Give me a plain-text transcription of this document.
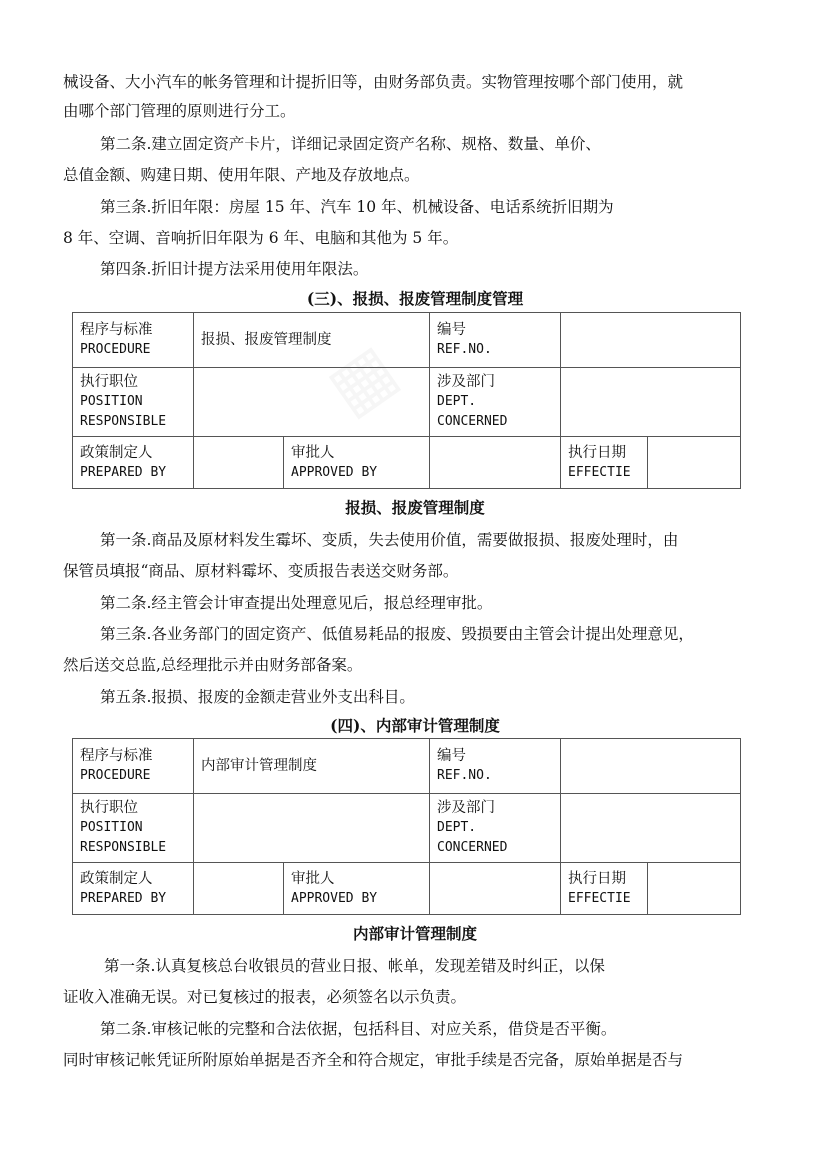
械设备、大小汽车的帐务管理和计提折旧等，由财务部负责。实物管理按哪个部门使用，就

由哪个部门管理的原则进行分工。

第二条.建立固定资产卡片，详细记录固定资产名称、规格、数量、单价、

总值金额、购建日期、使用年限、产地及存放地点。

第三条.折旧年限：房屋 15 年、汽车 10 年、机械设备、电话系统折旧期为

8 年、空调、音响折旧年限为 6 年、电脑和其他为 5 年。

第四条.折旧计提方法采用使用年限法。

(三)、报损、报废管理制度管理

程序与标准
PROCEDURE	报损、报废管理制度		编号
REF.NO.		

执行职位
POSITION
RESPONSIBLE			涉及部门
DEPT.
CONCERNED		

政策制定人
PREPARED BY		审批人
APPROVED BY		执行日期
EFFECTIE	

报损、报废管理制度

第一条.商品及原材料发生霉坏、变质，失去使用价值，需要做报损、报废处理时，由

保管员填报“商品、原材料霉坏、变质报告表送交财务部。

第二条.经主管会计审查提出处理意见后，报总经理审批。

第三条.各业务部门的固定资产、低值易耗品的报废、毁损要由主管会计提出处理意见，

然后送交总监,总经理批示并由财务部备案。

第五条.报损、报废的金额走营业外支出科目。

(四)、内部审计管理制度

程序与标准
PROCEDURE	内部审计管理制度		编号
REF.NO.		

执行职位
POSITION
RESPONSIBLE			涉及部门
DEPT.
CONCERNED		

政策制定人
PREPARED BY		审批人
APPROVED BY		执行日期
EFFECTIE	

内部审计管理制度

第一条.认真复核总台收银员的营业日报、帐单，发现差错及时纠正，以保

证收入准确无误。对已复核过的报表，必须签名以示负责。

第二条.审核记帐的完整和合法依据，包括科目、对应关系，借贷是否平衡。

同时审核记帐凭证所附原始单据是否齐全和符合规定，审批手续是否完备，原始单据是否与
